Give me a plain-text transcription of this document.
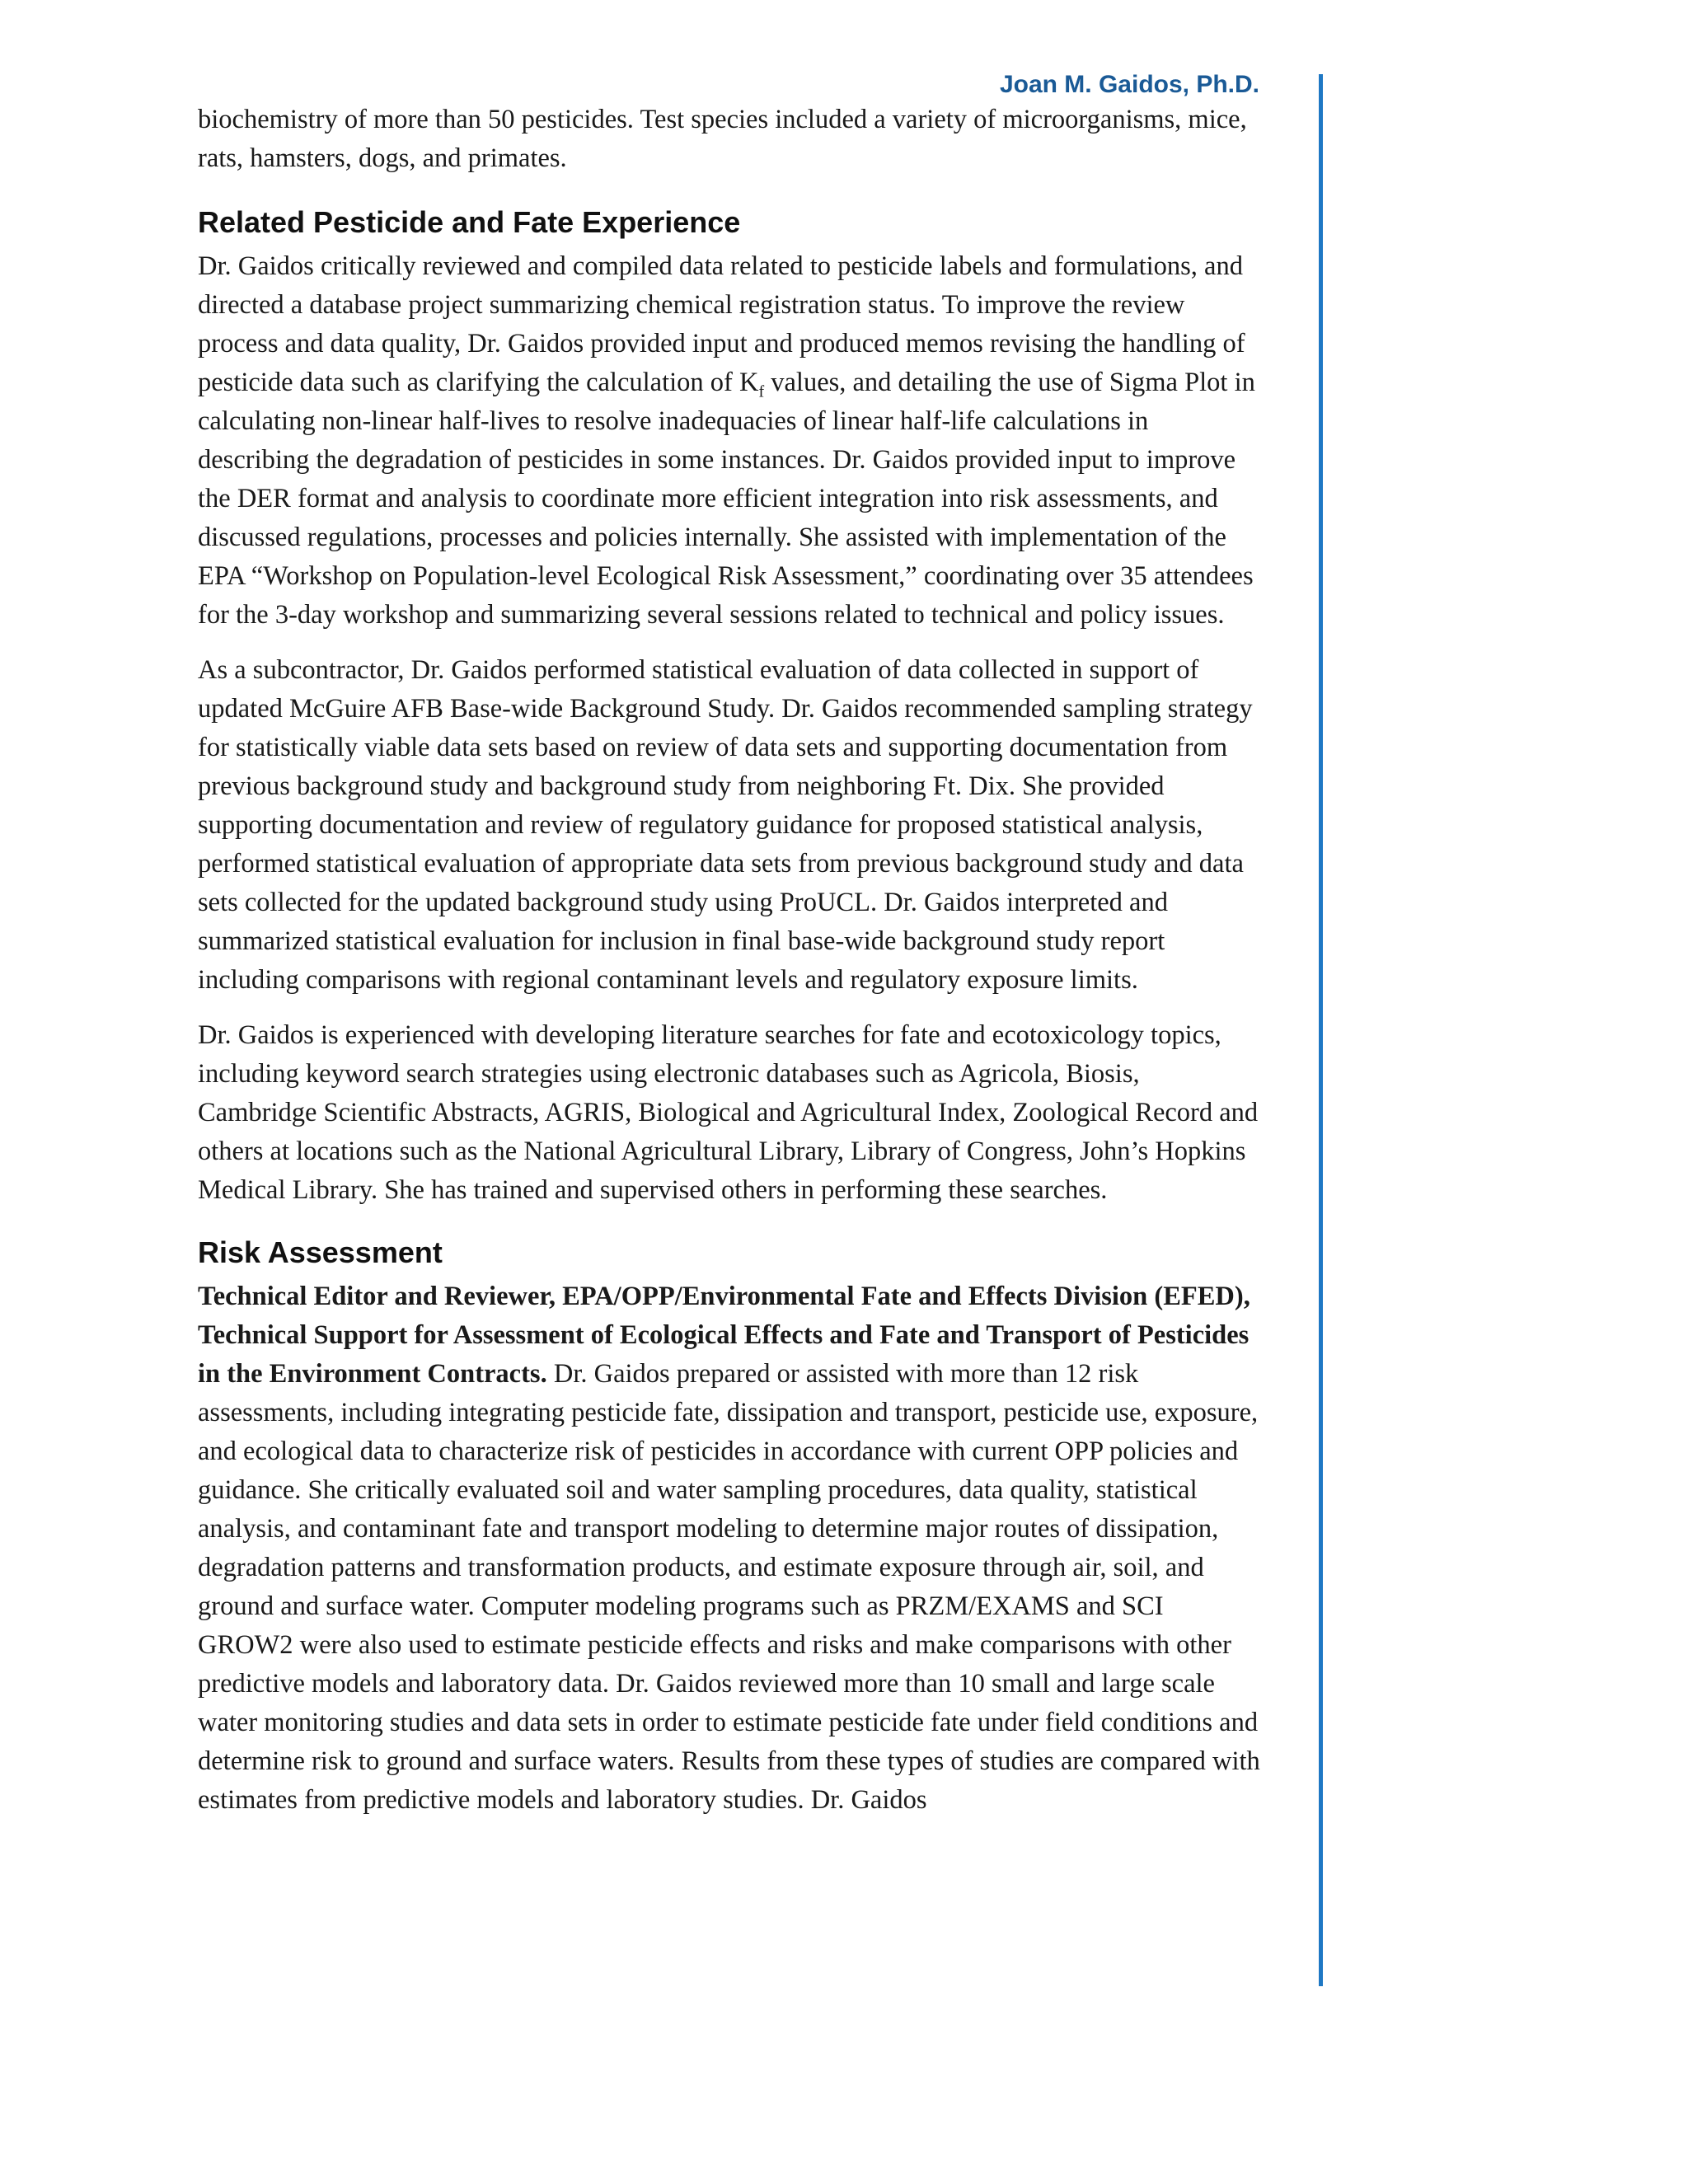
Joan M. Gaidos, Ph.D.

biochemistry of more than 50 pesticides. Test species included a variety of microorganisms, mice, rats, hamsters, dogs, and primates.

Related Pesticide and Fate Experience

Dr. Gaidos critically reviewed and compiled data related to pesticide labels and formulations, and directed a database project summarizing chemical registration status. To improve the review process and data quality, Dr. Gaidos provided input and produced memos revising the handling of pesticide data such as clarifying the calculation of $K_f$ values, and detailing the use of Sigma Plot in calculating non-linear half-lives to resolve inadequacies of linear half-life calculations in describing the degradation of pesticides in some instances. Dr. Gaidos provided input to improve the DER format and analysis to coordinate more efficient integration into risk assessments, and discussed regulations, processes and policies internally. She assisted with implementation of the EPA “Workshop on Population-level Ecological Risk Assessment,” coordinating over 35 attendees for the 3-day workshop and summarizing several sessions related to technical and policy issues.

As a subcontractor, Dr. Gaidos performed statistical evaluation of data collected in support of updated McGuire AFB Base-wide Background Study. Dr. Gaidos recommended sampling strategy for statistically viable data sets based on review of data sets and supporting documentation from previous background study and background study from neighboring Ft. Dix. She provided supporting documentation and review of regulatory guidance for proposed statistical analysis, performed statistical evaluation of appropriate data sets from previous background study and data sets collected for the updated background study using ProUCL. Dr. Gaidos interpreted and summarized statistical evaluation for inclusion in final base-wide background study report including comparisons with regional contaminant levels and regulatory exposure limits.

Dr. Gaidos is experienced with developing literature searches for fate and ecotoxicology topics, including keyword search strategies using electronic databases such as Agricola, Biosis, Cambridge Scientific Abstracts, AGRIS, Biological and Agricultural Index, Zoological Record and others at locations such as the National Agricultural Library, Library of Congress, John’s Hopkins Medical Library. She has trained and supervised others in performing these searches.

Risk Assessment

Technical Editor and Reviewer, EPA/OPP/Environmental Fate and Effects Division (EFED), Technical Support for Assessment of Ecological Effects and Fate and Transport of Pesticides in the Environment Contracts. Dr. Gaidos prepared or assisted with more than 12 risk assessments, including integrating pesticide fate, dissipation and transport, pesticide use, exposure, and ecological data to characterize risk of pesticides in accordance with current OPP policies and guidance. She critically evaluated soil and water sampling procedures, data quality, statistical analysis, and contaminant fate and transport modeling to determine major routes of dissipation, degradation patterns and transformation products, and estimate exposure through air, soil, and ground and surface water. Computer modeling programs such as PRZM/EXAMS and SCI GROW2 were also used to estimate pesticide effects and risks and make comparisons with other predictive models and laboratory data. Dr. Gaidos reviewed more than 10 small and large scale water monitoring studies and data sets in order to estimate pesticide fate under field conditions and determine risk to ground and surface waters. Results from these types of studies are compared with estimates from predictive models and laboratory studies. Dr. Gaidos
